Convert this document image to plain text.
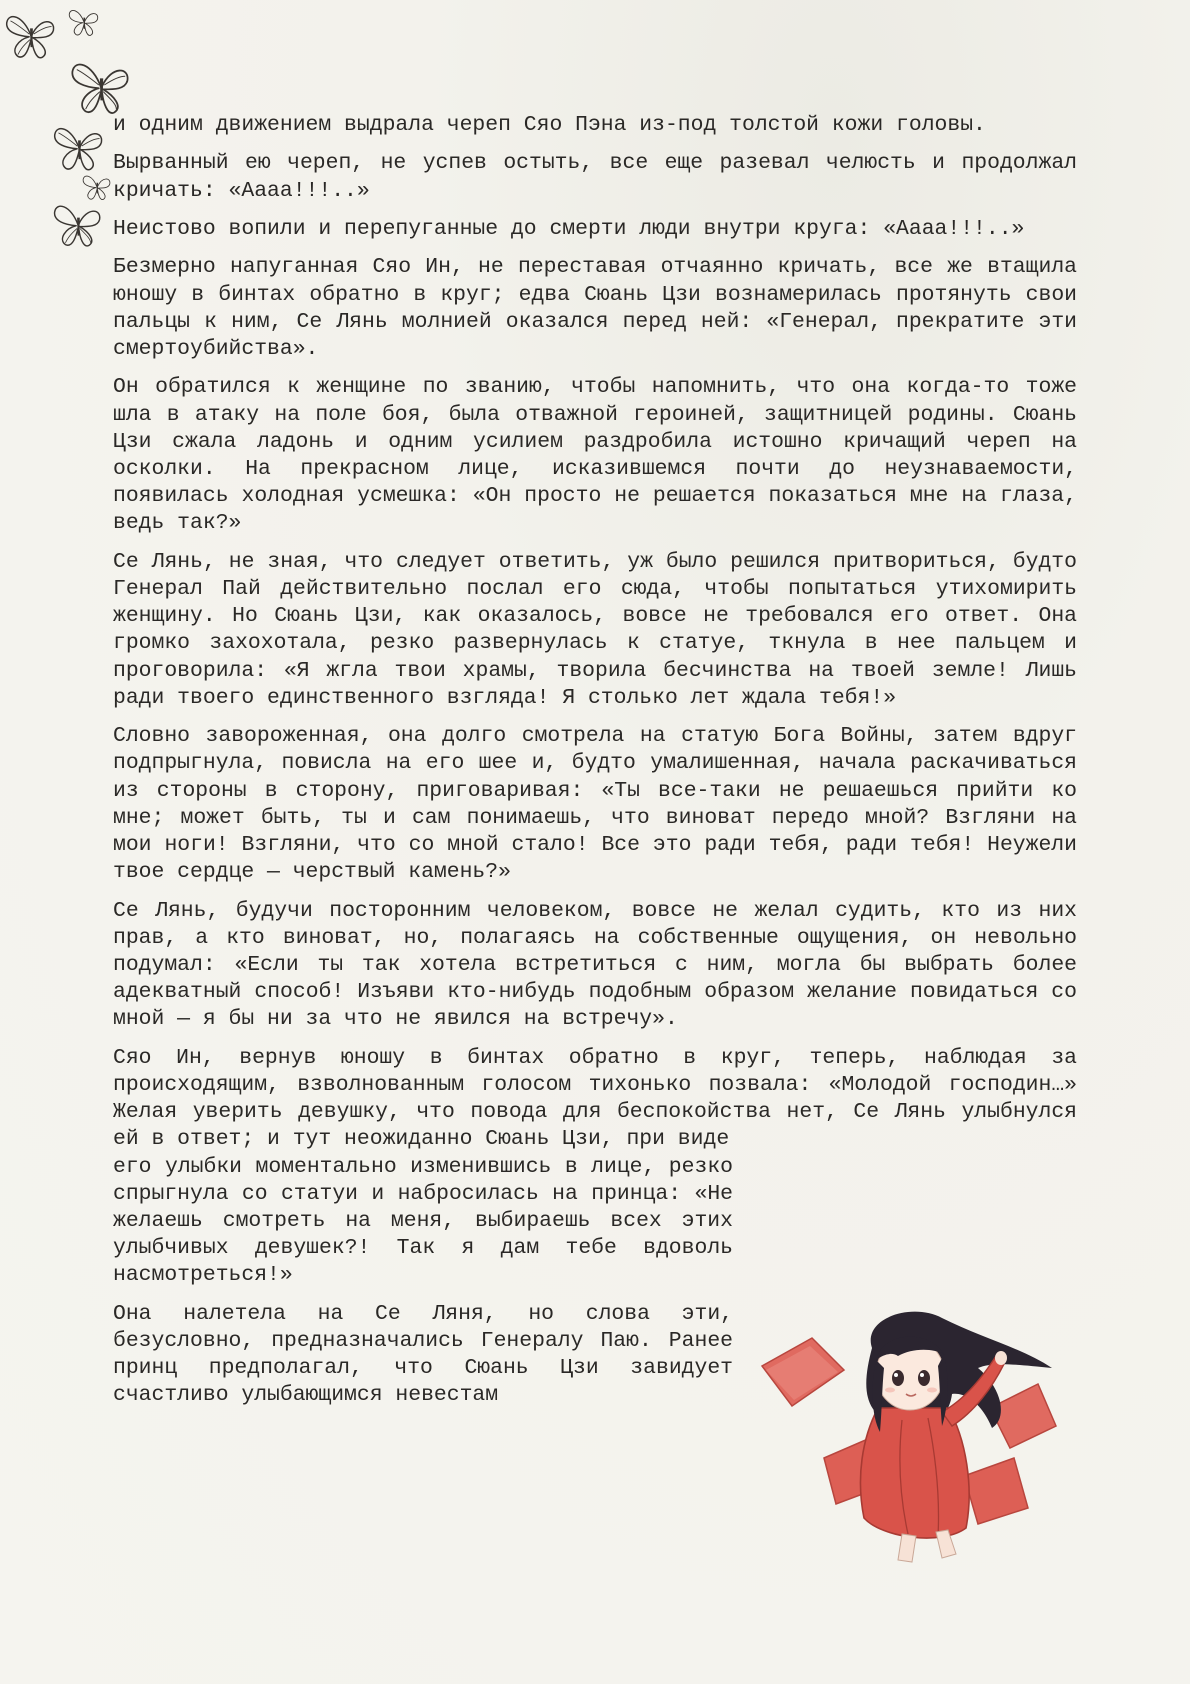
и одним движением выдрала череп Сяо Пэна из-под толстой кожи головы.

Вырванный ею череп, не успев остыть, все еще разевал челюсть и продолжал кричать: «Аааа!!!..»

Неистово вопили и перепуганные до смерти люди внутри круга: «Аааа!!!..»

Безмерно напуганная Сяо Ин, не переставая отчаянно кричать, все же втащила юношу в бинтах обратно в круг; едва Сюань Цзи вознамерилась протянуть свои пальцы к ним, Се Лянь молнией оказался перед ней: «Генерал, прекратите эти смертоубийства».

Он обратился к женщине по званию, чтобы напомнить, что она когда-то тоже шла в атаку на поле боя, была отважной героиней, защитницей родины. Сюань Цзи сжала ладонь и одним усилием раздробила истошно кричащий череп на осколки. На прекрасном лице, исказившемся почти до неузнаваемости, появилась холодная усмешка: «Он просто не решается показаться мне на глаза, ведь так?»

Се Лянь, не зная, что следует ответить, уж было решился притвориться, будто Генерал Пай действительно послал его сюда, чтобы попытаться утихомирить женщину. Но Сюань Цзи, как оказалось, вовсе не требовался его ответ. Она громко захохотала, резко развернулась к статуе, ткнула в нее пальцем и проговорила: «Я жгла твои храмы, творила бесчинства на твоей земле! Лишь ради твоего единственного взгляда! Я столько лет ждала тебя!»

Словно завороженная, она долго смотрела на статую Бога Войны, затем вдруг подпрыгнула, повисла на его шее и, будто умалишенная, начала раскачиваться из стороны в сторону, приговаривая: «Ты все-таки не решаешься прийти ко мне; может быть, ты и сам понимаешь, что виноват передо мной? Взгляни на мои ноги! Взгляни, что со мной стало! Все это ради тебя, ради тебя! Неужели твое сердце — черствый камень?»

Се Лянь, будучи посторонним человеком, вовсе не желал судить, кто из них прав, а кто виноват, но, полагаясь на собственные ощущения, он невольно подумал: «Если ты так хотела встретиться с ним, могла бы выбрать более адекватный способ! Изъяви кто-нибудь подобным образом желание повидаться со мной — я бы ни за что не явился на встречу».

Сяо Ин, вернув юношу в бинтах обратно в круг, теперь, наблюдая за происходящим, взволнованным голосом тихонько позвала: «Молодой господин…» Желая уверить девушку, что повода для беспокойства нет, Се Лянь улыбнулся ей в ответ; и тут неожиданно Сюань Цзи, при виде

его улыбки моментально изменившись в лице, резко спрыгнула со статуи и набросилась на принца: «Не желаешь смотреть на меня, выбираешь всех этих улыбчивых девушек?! Так я дам тебе вдоволь насмотреться!»

Она налетела на Се Ляня, но слова эти, безусловно, предназначались Генералу Паю. Ранее принц предполагал, что Сюань Цзи завидует счастливо улыбающимся невестам
